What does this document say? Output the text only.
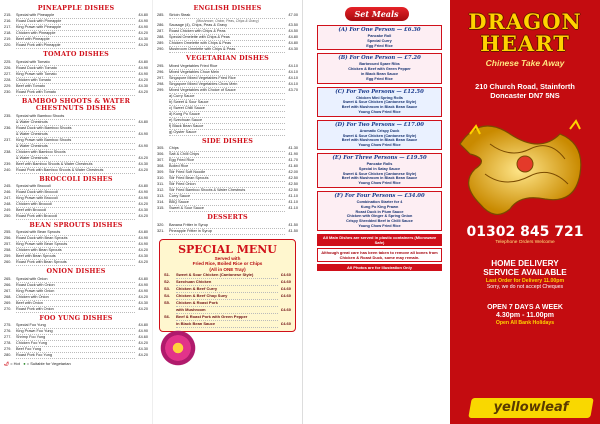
PINEAPPLE DISHES
215.	Special with Pineapple	£4.80
216.	Roast Duck with Pineapple	£4.90
217.	King Prawn with Pineapple	£4.90
218.	Chicken with Pineapple	£4.20
219.	Beef with Pineapple	£4.30
220.	Roast Pork with Pineapple	£4.20
TOMATO DISHES
225.	Special with Tomato	£4.80
226.	Roast Duck with Tomato	£4.90
227.	King Prawn with Tomato	£4.90
228.	Chicken with Tomato	£4.20
229.	Beef with Tomato	£4.30
230.	Roast Pork with Tomato	£4.20
BAMBOO SHOOTS & WATER CHESTNUTS DISHES
235.	Special with Bamboo Shoots
& Water Chestnuts	£4.80
236.	Roast Duck with Bamboo Shoots
& Water Chestnuts	£4.90
237.	King Prawn with Bamboo Shoots
& Water Chestnuts	£4.90
238.	Chicken with Bamboo Shoots
& Water Chestnuts	£4.20
239.	Beef with Bamboo Shoots & Water Chestnuts	£4.30
240.	Roast Pork with Bamboo Shoots & Water Chestnuts	£4.20
BROCCOLI DISHES
245.	Special with Broccoli	£4.80
246.	Roast Duck with Broccoli	£4.90
247.	King Prawn with Broccoli	£4.90
248.	Chicken with Broccoli	£4.20
249.	Beef with Broccoli	£4.30
250.	Roast Pork with Broccoli	£4.20
BEAN SPROUTS DISHES
255.	Special with Bean Sprouts	£4.80
256.	Roast Duck with Bean Sprouts	£4.90
257.	King Prawn with Bean Sprouts	£4.90
258.	Chicken with Bean Sprouts	£4.20
259.	Beef with Bean Sprouts	£4.30
260.	Roast Pork with Bean Sprouts	£4.20
ONION DISHES
265.	Special with Onion	£4.80
266.	Roast Duck with Onion	£4.90
267.	King Prawn with Onion	£4.90
268.	Chicken with Onion	£4.20
269.	Beef with Onion	£4.30
270.	Roast Pork with Onion	£4.20
FOO YUNG DISHES
275.	Special Foo Yung	£4.80
276.	King Prawn Foo Yung	£4.90
277.	Shrimp Foo Yung	£4.60
278.	Chicken Foo Yung	£4.20
279.	Beef Foo Yung	£4.30
280.	Roast Pork Foo Yung	£4.20
🌶 = Hot ● = Suitable for Vegetarian
ENGLISH DISHES
285.	Sirloin Steak	£7.00
(Mushroom, Onion, Peas, Chips & Gravy)
286.	Sausage (4), Chips, Peas & Gravy	£3.50
287.	Roast Chicken with Chips & Peas	£4.50
288.	Special Omelette with Chips & Peas	£4.80
289.	Chicken Omelette with Chips & Peas	£4.80
290.	Mushroom Omelette with Chips & Peas	£4.30
VEGETARIAN DISHES
295.	Mixed Vegetables Fried Rice	£4.10
296.	Mixed Vegetables Chow Mein	£4.10
297.	Singapore Mixed Vegetables Fried Rice	£4.10
298.	Singapore Mixed Vegetables Chow Mein	£4.10
299.	Mixed Vegetables with Choice of Sauce	£3.70
a) Curry Sauce
b) Sweet & Sour Sauce
c) Sweet Chilli Sauce
d) Kung Po Sauce
e) Szechuan Sauce
f) Black Bean Sauce
g) Oyster Sauce
SIDE DISHES
305.	Chips	£1.30
306.	Salt & Chilli Chips	£1.90
307.	Egg Fried Rice	£1.70
308.	Boiled Rice	£1.60
309.	Stir Fried Soft Noodle	£2.00
310.	Stir Fried Bean Sprouts	£2.50
311.	Stir Fried Onion	£2.50
312.	Stir Fried Bamboo Shoots & Water Chestnuts	£2.50
313.	Curry Sauce	£1.10
314.	BBQ Sauce	£1.10
315.	Sweet & Sour Sauce	£1.10
DESSERTS
320.	Banana Fritter in Syrup	£1.50
321.	Pineapple Fritter in Syrup	£1.50
SPECIAL MENU
Served with
Fried Rice, Boiled Rice or Chips
(All in ONE Tray)
S1.	Sweet & Sour Chicken (Cantonese Style)	£4.60
S2.	Szechuan Chicken	£4.60
S3.	Chicken & Beef Curry	£4.60
S4.	Chicken & Beef Chop Suey	£4.60
S5.	Chicken & Roast Pork
with Mushroom	£4.60
S6.	Beef & Roast Pork with Green Pepper
in Black Bean Sauce	£4.60
Set Meals
(A) For One Person — £6.30
Pancake Roll
Special Curry
Egg Fried Rice
(B) For One Person — £7.20
Barbecued Spare Ribs
Chicken & Beef with Green Pepper
in Black Bean Sauce
Egg Fried Rice
(C) For Two Persons — £12.50
Chicken Mini Spring Rolls
Sweet & Sour Chicken (Cantonese Style)
Beef with Mushroom in Black Bean Sauce
Young Chow Fried Rice
(D) For Two Persons — £17.00
Aromatic Crispy Duck
Sweet & Sour Chicken (Cantonese Style)
Beef with Mushroom in Black Bean Sauce
Young Chow Fried Rice
(E) For Three Persons — £19.50
Pancake Rolls
Special in Satay Sauce
Sweet & Sour Chicken (Cantonese Style)
Beef with Mushroom in Black Bean Sauce
Young Chow Fried Rice
(F) For Four Persons — £34.00
Combination Starter for 4
Kung Po King Prawn
Roast Duck in Plum Sauce
Chicken with Ginger & Spring Onion
Crispy Shredded Beef in Chilli Sauce
Young Chow Fried Rice
All Main Dishes are served in plastic containers (Microwave Safe)
Although great care has been taken to remove all bones from Chicken & Roast Duck, some may remain.
All Photos are for Illustration Only
DRAGON
HEART
Chinese Take Away
210 Church Road, Stainforth
Doncaster DN7 5NS
01302 845 721
Telephone Orders Welcome
HOME DELIVERY
SERVICE AVAILABLE
Last Order for Delivery 11.00pm
Sorry, we do not accept Cheques
OPEN 7 DAYS A WEEK
4.30pm - 11.00pm
Open All Bank Holidays
yellowleaf
